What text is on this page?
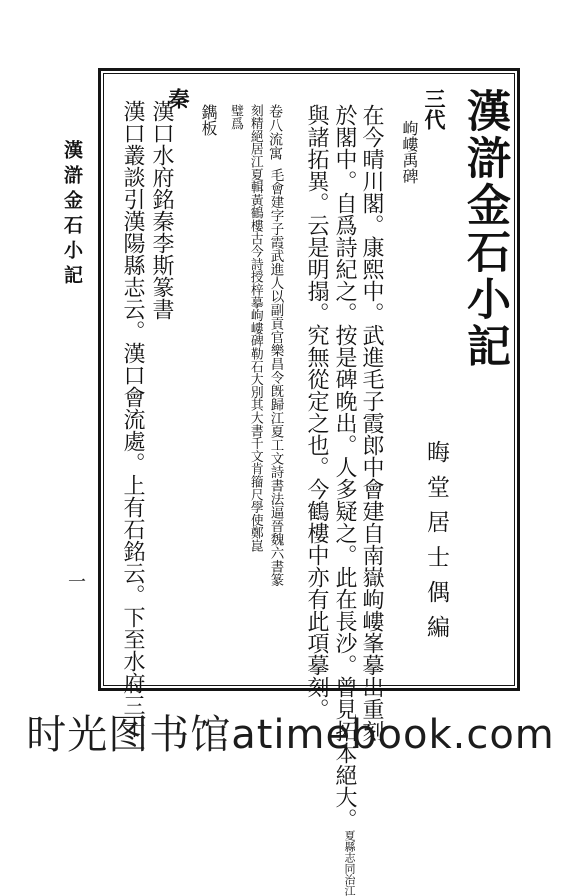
漢滸金石小記
一
漢滸金石小記
晦堂居士偶編
三代
岣嶁禹碑
在今晴川閣。康熙中。武進毛子霞郎中會建自南嶽岣嶁峯摹出重刻
於閣中。自爲詩紀之。按是碑晚出。人多疑之。此在長沙。曾見拓本絕大。
同治江
夏縣志
與諸拓異。云是明搨。究無從定之也。今鶴樓中亦有此項摹刻。
卷八流寓
毛會建字子霞武進人以副貢官樂昌令旣歸江夏工文詩書法逼晉魏六書篆
刻精絕居江夏輯黃鶴樓古今詩授梓摹岣嶁碑勒石大別其大書千文肯籀尺學使鄭崑
璧爲
鐫板
秦
漢口水府銘秦李斯篆書
漢口叢談引漢陽縣志云。漢口會流處。上有石銘云。下至水府三十一
时光图书馆atimebook.com
